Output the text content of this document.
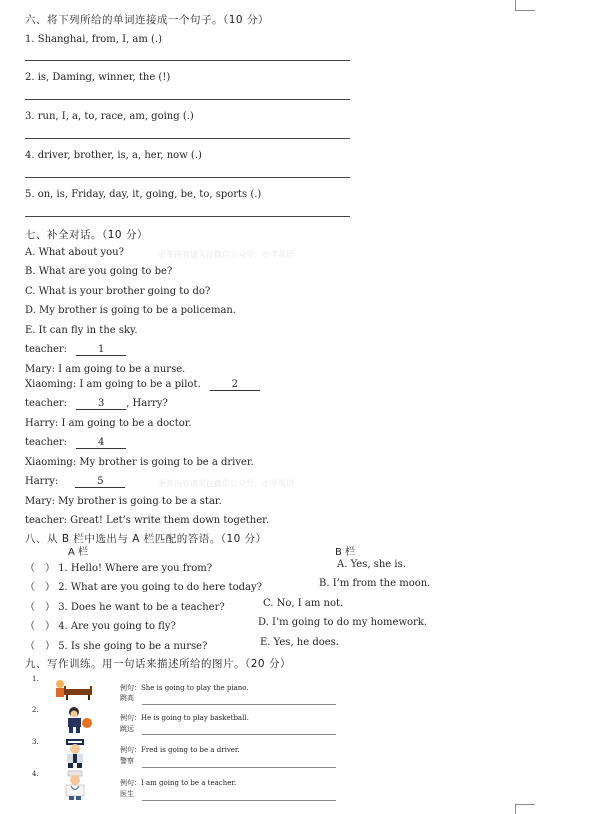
六、将下列所给的单词连接成一个句子。（10 分）
1. Shanghai, from, I, am (.)
2. is, Daming, winner, the (!)
3. run, I, a, to, race, am, going (.)
4. driver, brother, is, a, her, now (.)
5. on, is, Friday, day, it, going, be, to, sports (.)
七、补全对话。（10 分）
A. What about you?	更多内容请关注微信公众号：小学英语
B. What are you going to be?
C. What is your brother going to do?
D. My brother is going to be a policeman.
E. It can fly in the sky.
teacher:	1
Mary: I am going to be a nurse.
Xiaoming: I am going to be a pilot.	2
teacher:	3 , Harry?
Harry: I am going to be a doctor.
teacher:	4
Xiaoming: My brother is going to be a driver.
Harry:	5	更多内容请关注微信公众号：小学英语
Mary: My brother is going to be a star.
teacher: Great! Let’s write them down together.
八、从 B 栏中选出与 A 栏匹配的答语。（10 分）
A 栏	B 栏
（ ） 1. Hello! Where are you from?	A. Yes, she is.
（ ） 2. What are you going to do here today?	B. I’m from the moon.
（ ） 3. Does he want to be a teacher?	C. No, I am not.
（ ） 4. Are you going to fly?	D. I’m going to do my homework.
（ ） 5. Is she going to be a nurse?	E. Yes, he does.
九、写作训练。用一句话来描述所给的图片。（20 分）
1.
例句：She is going to play the piano.
跳高
2.
例句：He is going to play basketball.
跳远
3.
例句：Fred is going to be a driver.
警察
4.
例句：I am going to be a teacher.
医生
